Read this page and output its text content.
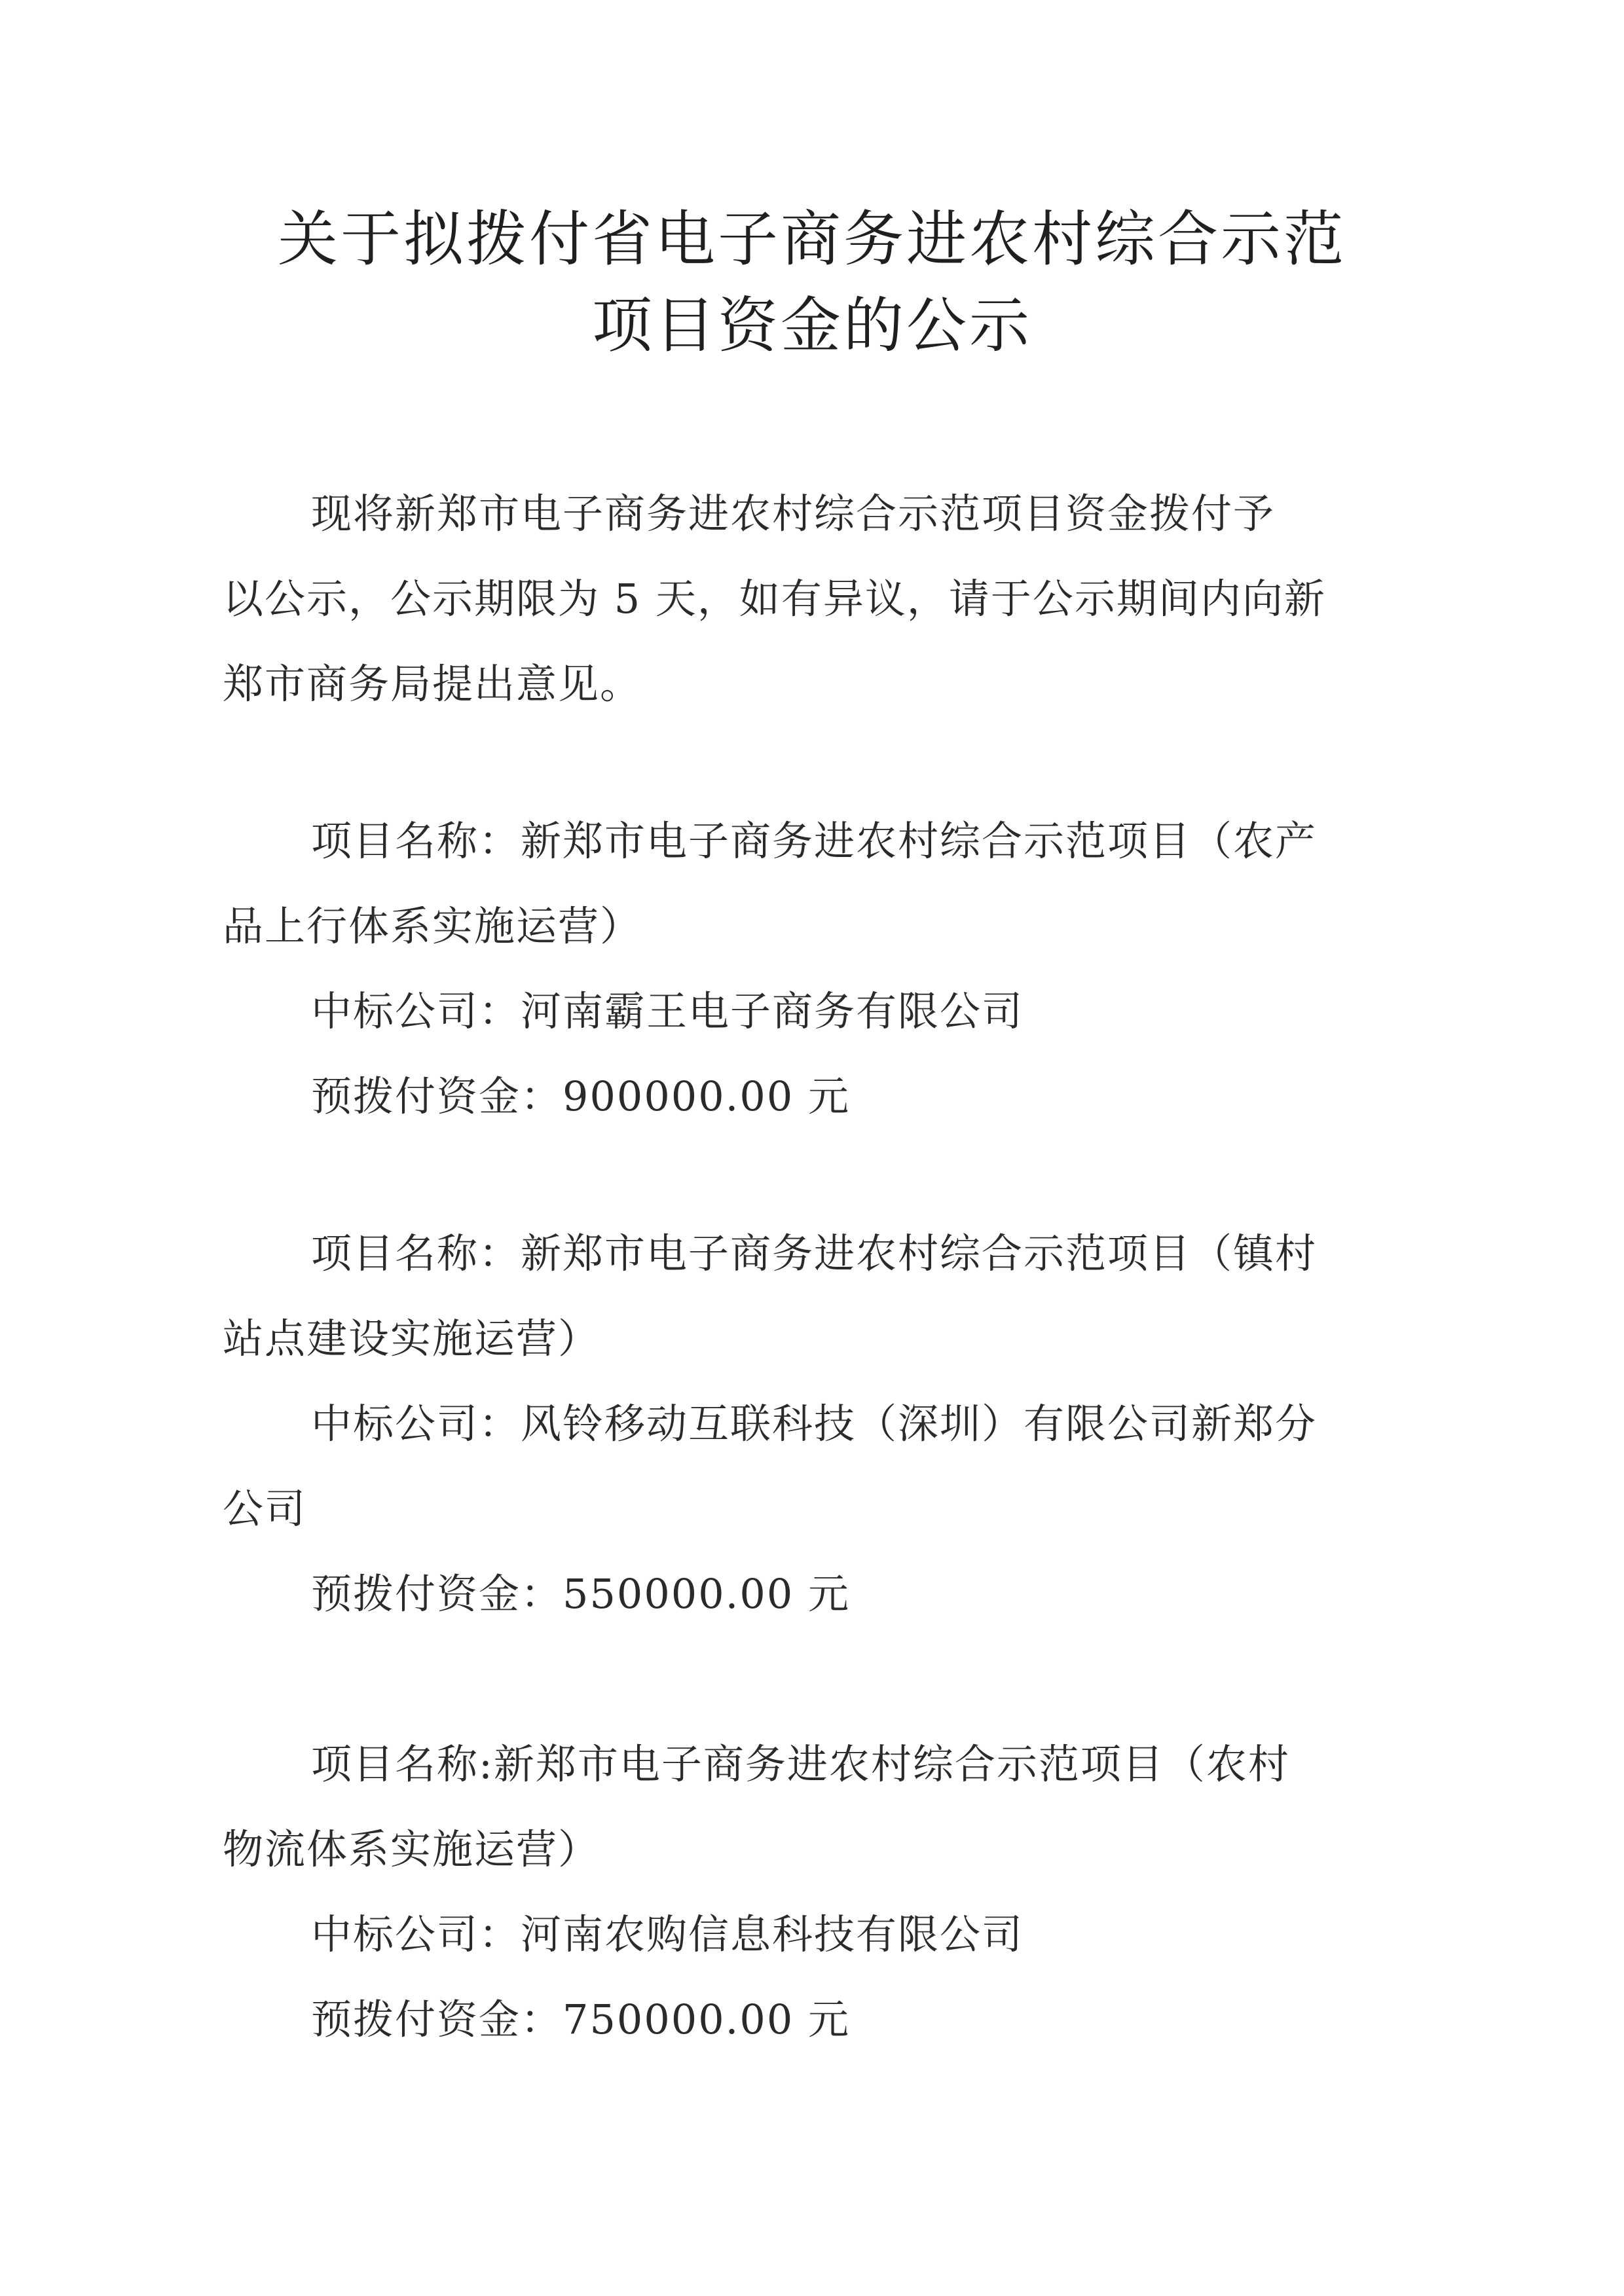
关于拟拨付省电子商务进农村综合示范
项目资金的公示
现将新郑市电子商务进农村综合示范项目资金拨付予
以公示，公示期限为 5 天，如有异议，请于公示期间内向新
郑市商务局提出意见。
项目名称：新郑市电子商务进农村综合示范项目（农产
品上行体系实施运营）
中标公司：河南霸王电子商务有限公司
预拨付资金：900000.00 元
项目名称：新郑市电子商务进农村综合示范项目（镇村
站点建设实施运营）
中标公司：风铃移动互联科技（深圳）有限公司新郑分
公司
预拨付资金：550000.00 元
项目名称:新郑市电子商务进农村综合示范项目（农村
物流体系实施运营）
中标公司：河南农购信息科技有限公司
预拨付资金：750000.00 元
